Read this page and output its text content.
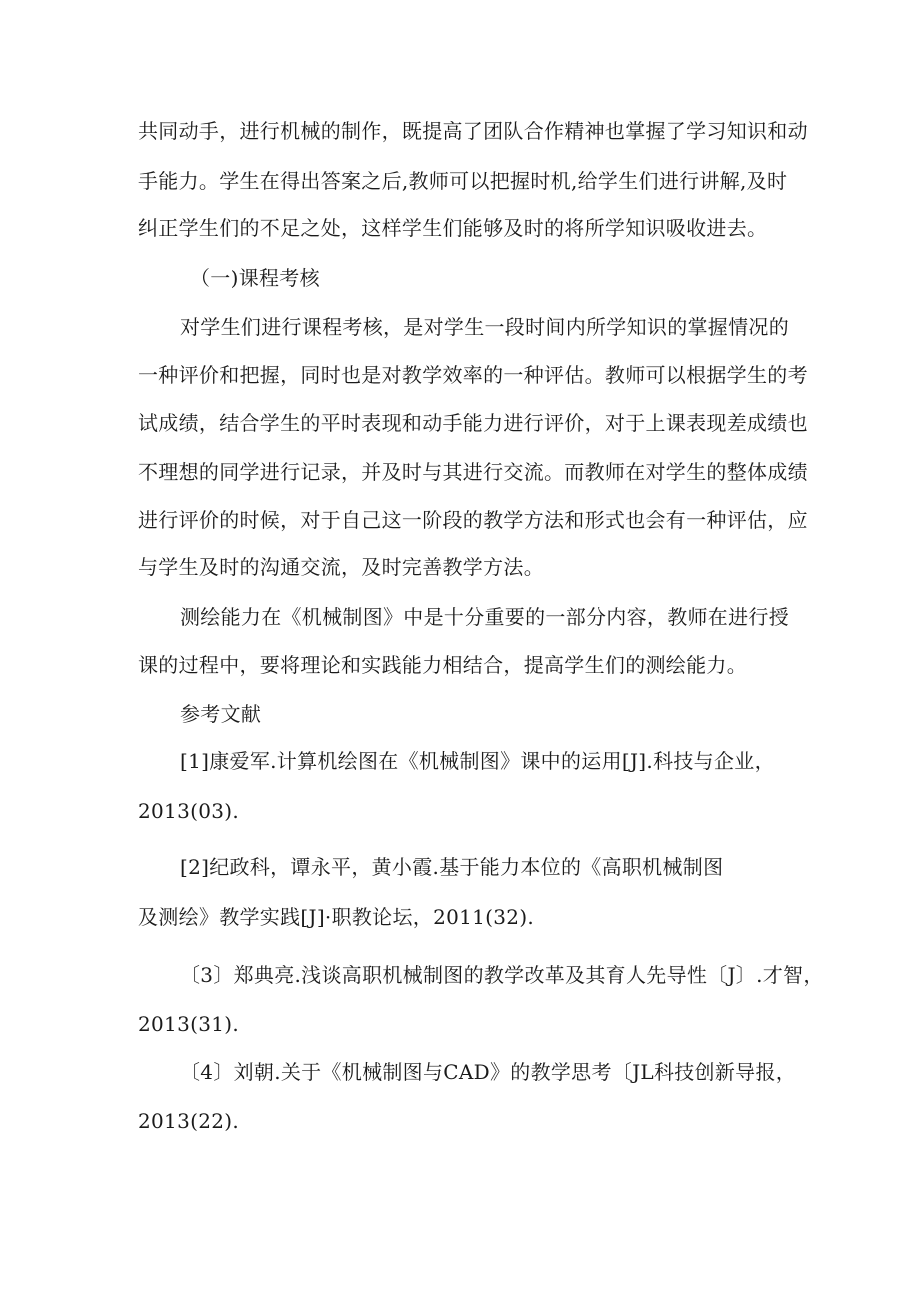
共同动手，进行机械的制作，既提高了团队合作精神也掌握了学习知识和动
手能力。学生在得出答案之后,教师可以把握时机,给学生们进行讲解,及时
纠正学生们的不足之处，这样学生们能够及时的将所学知识吸收进去。
（一)课程考核
对学生们进行课程考核，是对学生一段时间内所学知识的掌握情况的
一种评价和把握，同时也是对教学效率的一种评估。教师可以根据学生的考
试成绩，结合学生的平时表现和动手能力进行评价，对于上课表现差成绩也
不理想的同学进行记录，并及时与其进行交流。而教师在对学生的整体成绩
进行评价的时候，对于自己这一阶段的教学方法和形式也会有一种评估，应
与学生及时的沟通交流，及时完善教学方法。
测绘能力在《机械制图》中是十分重要的一部分内容，教师在进行授
课的过程中，要将理论和实践能力相结合，提高学生们的测绘能力。
参考文献
[1]康爱军.计算机绘图在《机械制图》课中的运用[J].科技与企业，
2013(03).
[2]纪政科，谭永平，黄小霞.基于能力本位的《高职机械制图
及测绘》教学实践[J]·职教论坛，2011(32).
〔3〕郑典亮.浅谈高职机械制图的教学改革及其育人先导性〔J〕.才智，
2013(31).
〔4〕刘朝.关于《机械制图与CAD》的教学思考〔JL科技创新导报，
2013(22).
